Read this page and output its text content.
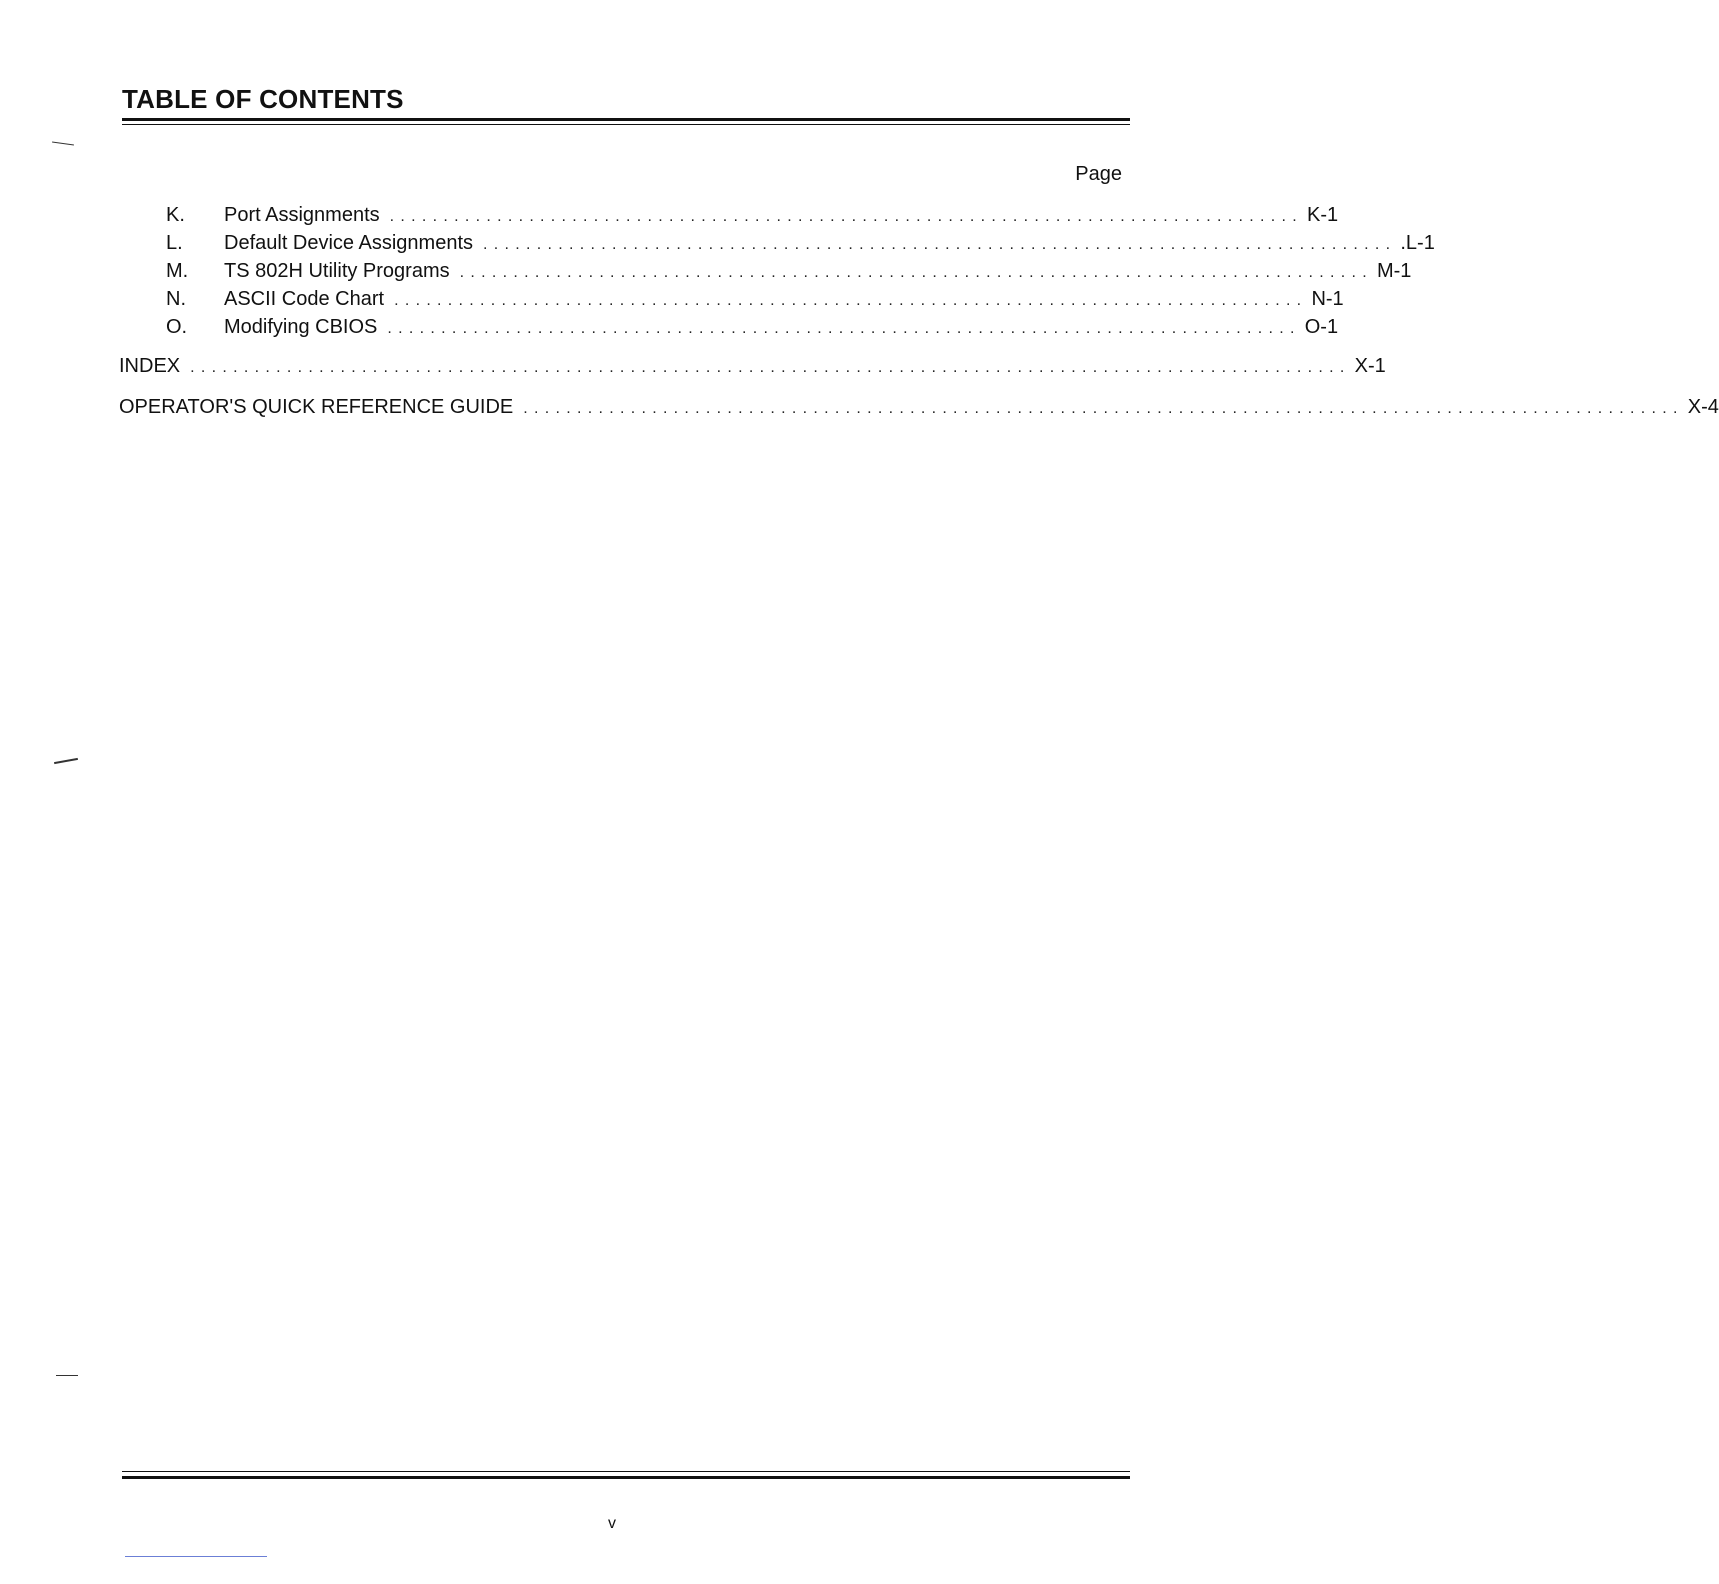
TABLE OF CONTENTS
Page
K.	Port Assignments ..................................................................................... K-1
L.	Default Device Assignments ..................................................................................... .L-1
M.	TS 802H Utility Programs ..................................................................................... M-1
N.	ASCII Code Chart ..................................................................................... N-1
O.	Modifying CBIOS ..................................................................................... O-1
INDEX ............................................................................................................ X-1
OPERATOR'S QUICK REFERENCE GUIDE ............................................................................................................ X-4
v
